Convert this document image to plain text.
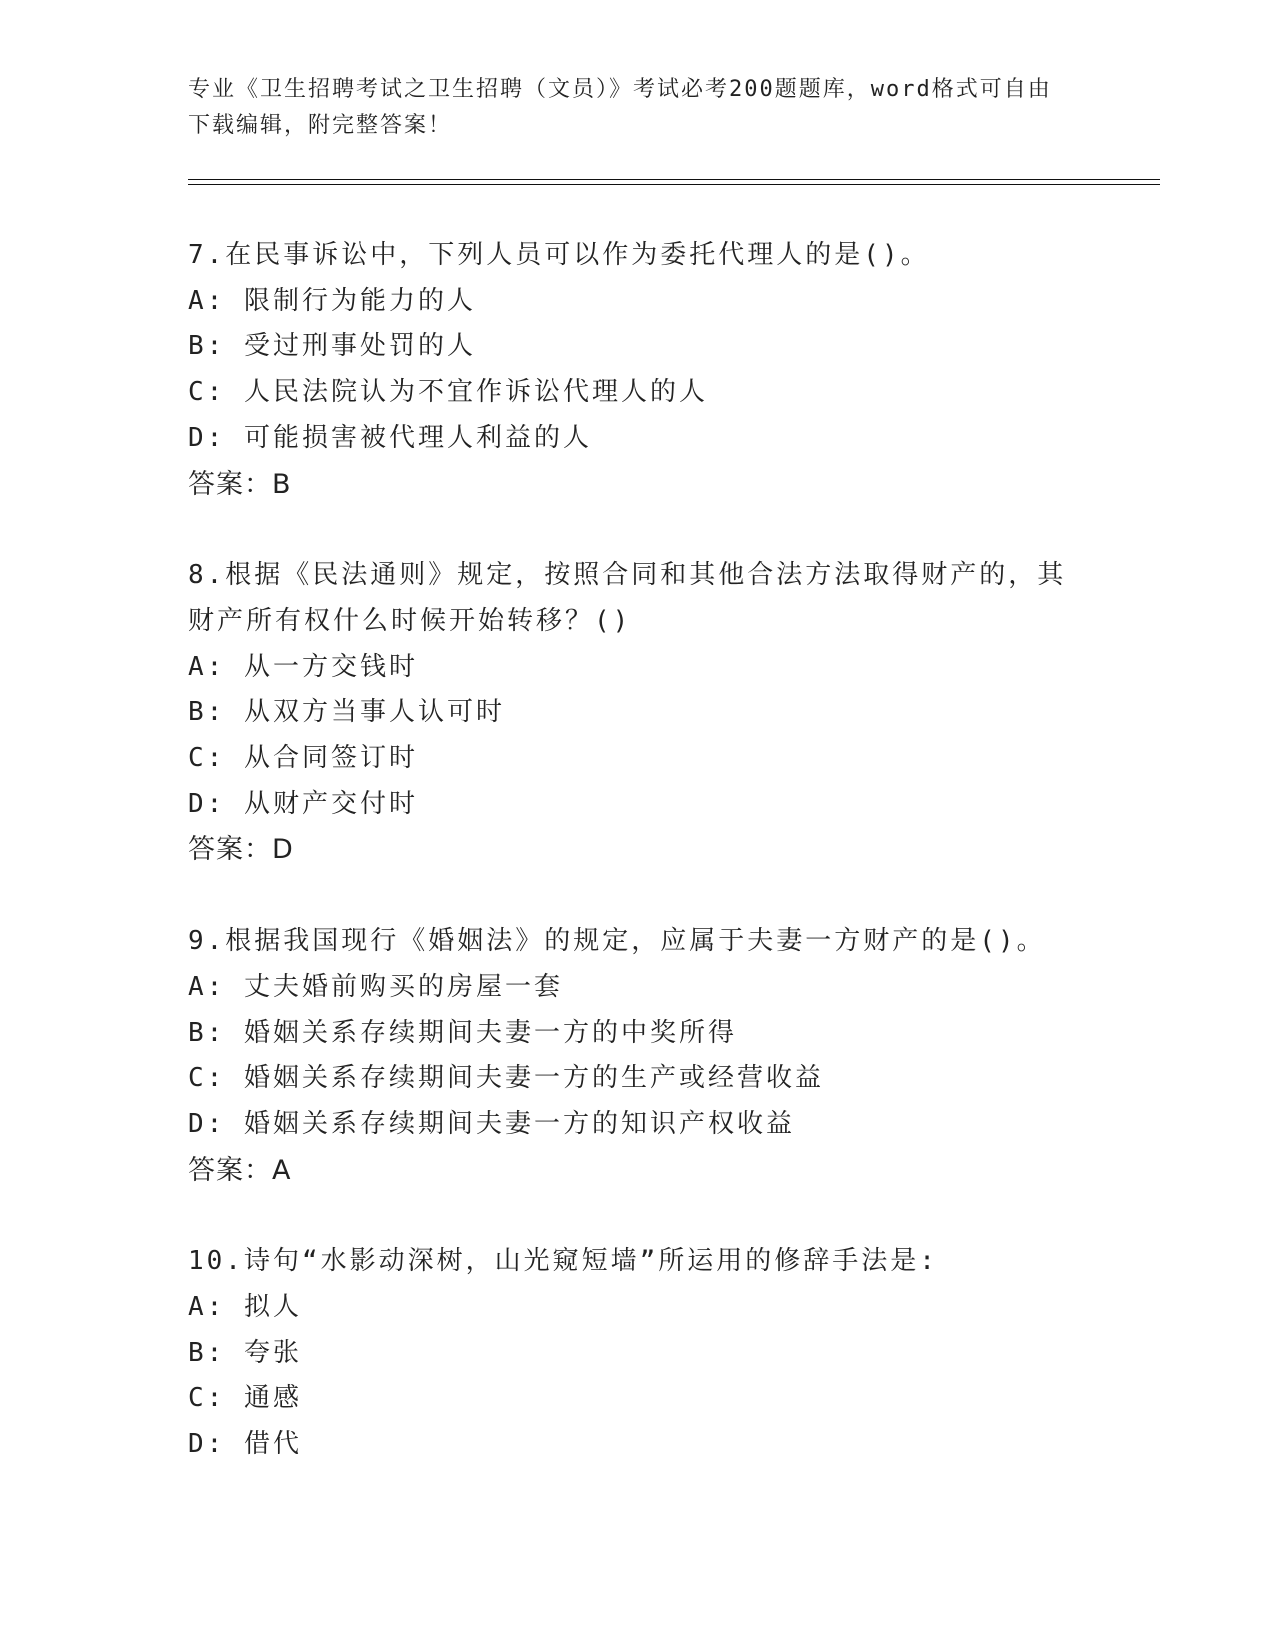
专业《卫生招聘考试之卫生招聘（文员）》考试必考200题题库，word格式可自由下载编辑，附完整答案！
7.在民事诉讼中，下列人员可以作为委托代理人的是()。
A: 限制行为能力的人
B: 受过刑事处罚的人
C: 人民法院认为不宜作诉讼代理人的人
D: 可能损害被代理人利益的人
答案：B
8.根据《民法通则》规定，按照合同和其他合法方法取得财产的，其财产所有权什么时候开始转移？()
A: 从一方交钱时
B: 从双方当事人认可时
C: 从合同签订时
D: 从财产交付时
答案：D
9.根据我国现行《婚姻法》的规定，应属于夫妻一方财产的是()。
A: 丈夫婚前购买的房屋一套
B: 婚姻关系存续期间夫妻一方的中奖所得
C: 婚姻关系存续期间夫妻一方的生产或经营收益
D: 婚姻关系存续期间夫妻一方的知识产权收益
答案：A
10.诗句“水影动深树，山光窥短墙”所运用的修辞手法是:
A: 拟人
B: 夸张
C: 通感
D: 借代
